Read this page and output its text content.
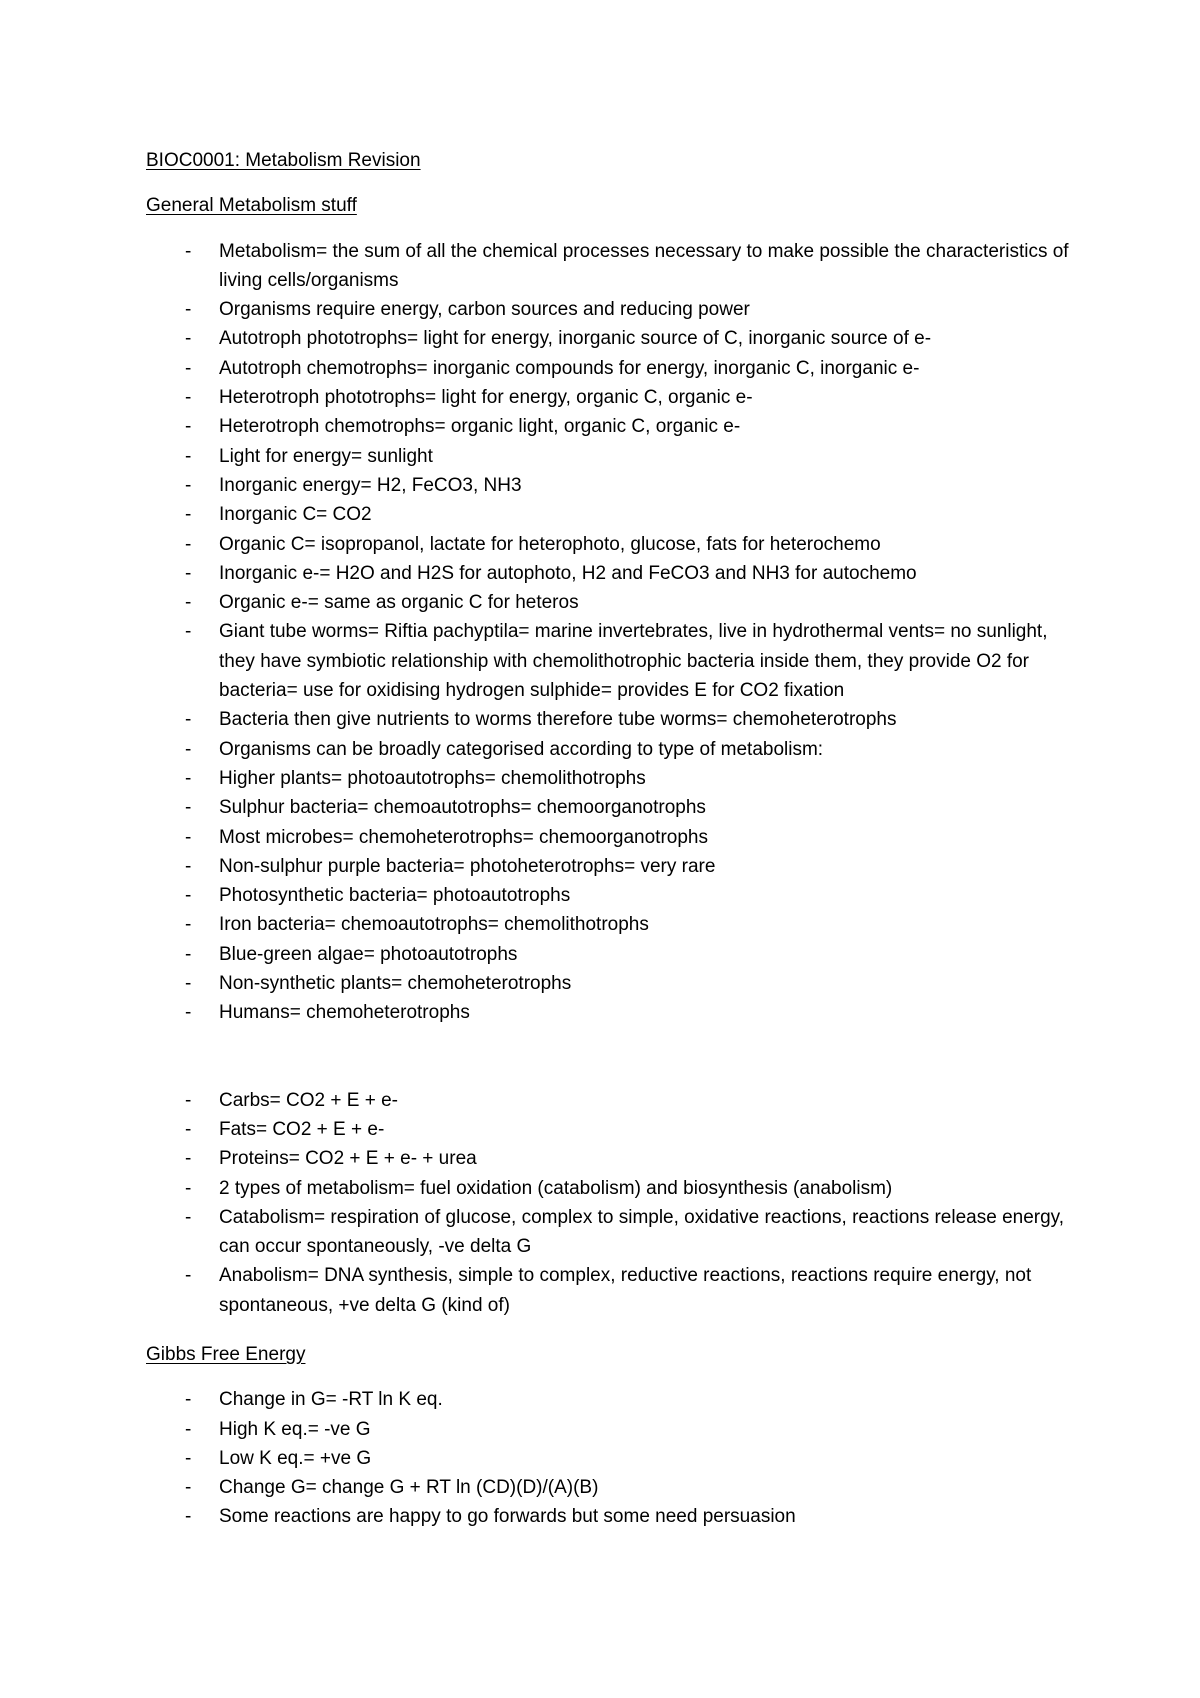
BIOC0001: Metabolism Revision

General Metabolism stuff

- Metabolism= the sum of all the chemical processes necessary to make possible the characteristics of living cells/organisms
- Organisms require energy, carbon sources and reducing power
- Autotroph phototrophs= light for energy, inorganic source of C, inorganic source of e-
- Autotroph chemotrophs= inorganic compounds for energy, inorganic C, inorganic e-
- Heterotroph phototrophs= light for energy, organic C, organic e-
- Heterotroph chemotrophs= organic light, organic C, organic e-
- Light for energy= sunlight
- Inorganic energy= H2, FeCO3, NH3
- Inorganic C= CO2
- Organic C= isopropanol, lactate for heterophoto, glucose, fats for heterochemo
- Inorganic e-= H2O and H2S for autophoto, H2 and FeCO3 and NH3 for autochemo
- Organic e-= same as organic C for heteros
- Giant tube worms= Riftia pachyptila= marine invertebrates, live in hydrothermal vents= no sunlight, they have symbiotic relationship with chemolithotrophic bacteria inside them, they provide O2 for bacteria= use for oxidising hydrogen sulphide= provides E for CO2 fixation
- Bacteria then give nutrients to worms therefore tube worms= chemoheterotrophs
- Organisms can be broadly categorised according to type of metabolism:
- Higher plants= photoautotrophs= chemolithotrophs
- Sulphur bacteria= chemoautotrophs= chemoorganotrophs
- Most microbes= chemoheterotrophs= chemoorganotrophs
- Non-sulphur purple bacteria= photoheterotrophs= very rare
- Photosynthetic bacteria= photoautotrophs
- Iron bacteria= chemoautotrophs= chemolithotrophs
- Blue-green algae= photoautotrophs
- Non-synthetic plants= chemoheterotrophs
- Humans= chemoheterotrophs
- Carbs= CO2 + E + e-
- Fats= CO2 + E + e-
- Proteins= CO2 + E + e- + urea
- 2 types of metabolism= fuel oxidation (catabolism) and biosynthesis (anabolism)
- Catabolism= respiration of glucose, complex to simple, oxidative reactions, reactions release energy, can occur spontaneously, -ve delta G
- Anabolism= DNA synthesis, simple to complex, reductive reactions, reactions require energy, not spontaneous, +ve delta G (kind of)

Gibbs Free Energy

- Change in G= -RT ln K eq.
- High K eq.= -ve G
- Low K eq.= +ve G
- Change G= change G + RT ln (CD)(D)/(A)(B)
- Some reactions are happy to go forwards but some need persuasion
